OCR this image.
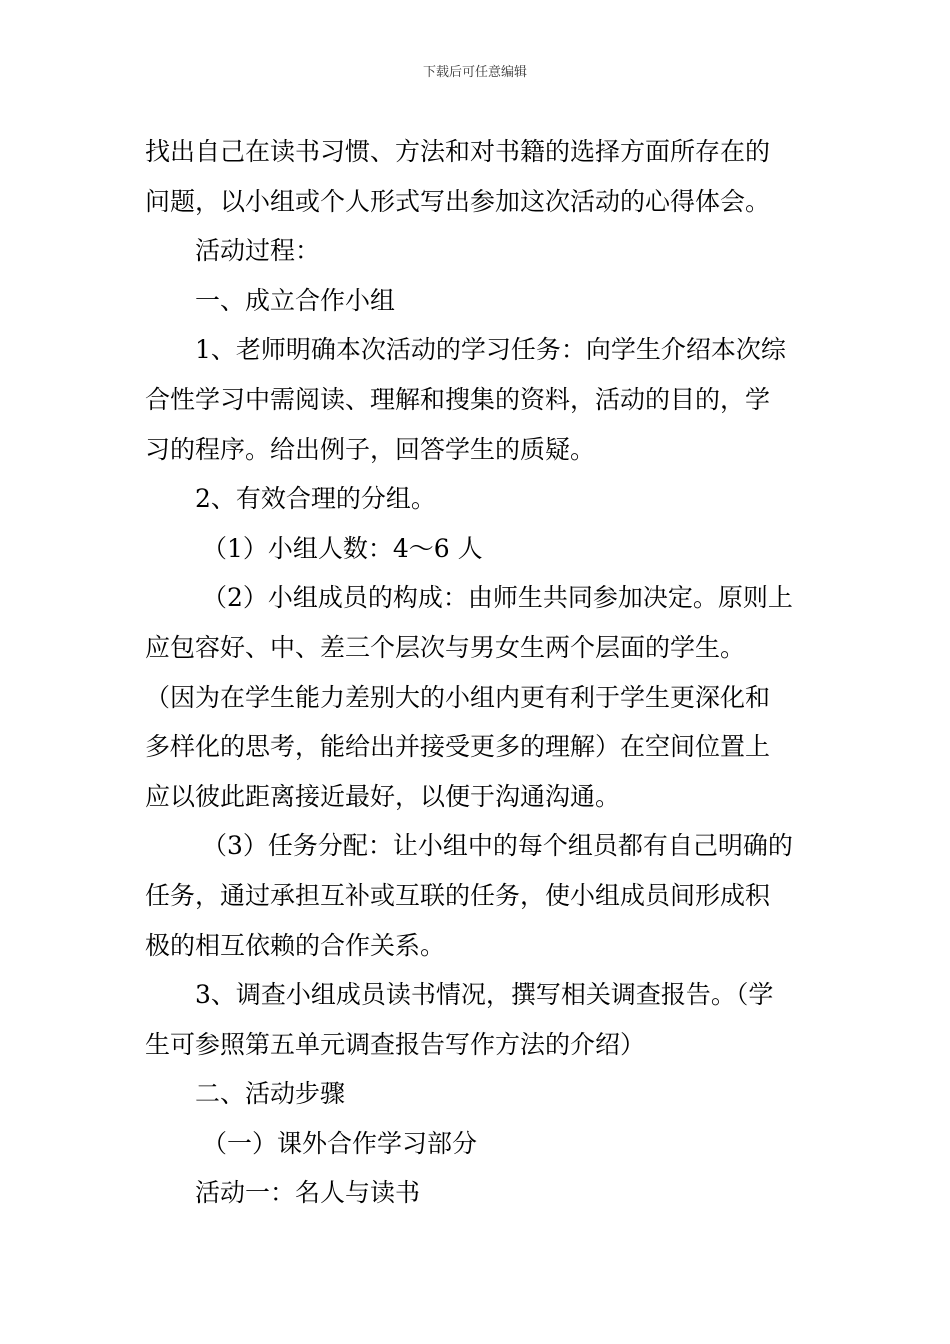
下载后可任意编辑

找出自己在读书习惯、方法和对书籍的选择方面所存在的

问题，以小组或个人形式写出参加这次活动的心得体会。

活动过程：

一、成立合作小组

1、老师明确本次活动的学习任务：向学生介绍本次综

合性学习中需阅读、理解和搜集的资料，活动的目的，学

习的程序。给出例子，回答学生的质疑。

2、有效合理的分组。

（1）小组人数：4～6 人

（2）小组成员的构成：由师生共同参加决定。原则上

应包容好、中、差三个层次与男女生两个层面的学生。

（因为在学生能力差别大的小组内更有利于学生更深化和

多样化的思考，能给出并接受更多的理解）在空间位置上

应以彼此距离接近最好，以便于沟通沟通。

（3）任务分配：让小组中的每个组员都有自己明确的

任务，通过承担互补或互联的任务，使小组成员间形成积

极的相互依赖的合作关系。

3、调查小组成员读书情况，撰写相关调查报告。（学

生可参照第五单元调查报告写作方法的介绍）

二、活动步骤

（一）课外合作学习部分

活动一：名人与读书
